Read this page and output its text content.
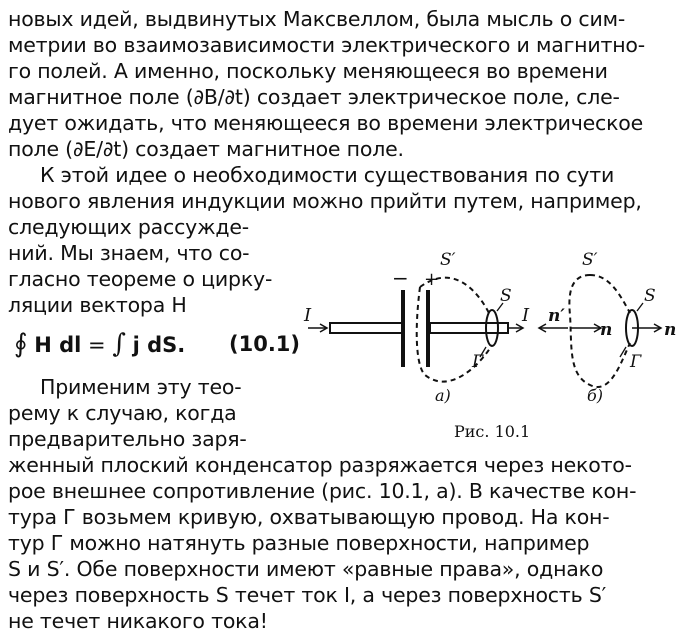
новых идей, выдвинутых Максвеллом, была мысль о сим-
метрии во взаимозависимости электрического и магнитно-
го полей. А именно, поскольку меняющееся во времени
магнитное поле (∂B/∂t) создает электрическое поле, сле-
дует ожидать, что меняющееся во времени электрическое
поле (∂E/∂t) создает магнитное поле.
К этой идее о необходимости существования по сути
нового явления индукции можно прийти путем, например,
следующих рассужде-
ний. Мы знаем, что со-
гласно теореме о цирку-
ляции вектора H
∮ H dl = ∫ j dS. (10.1)
Применим эту тео-
рему к случаю, когда
предварительно заря-
женный плоский конденсатор разряжается через некото-
рое внешнее сопротивление (рис. 10.1, а). В качестве кон-
тура Г возьмем кривую, охватывающую провод. На кон-
тур Г можно натянуть разные поверхности, например
S и S′. Обе поверхности имеют «равные права», однако
через поверхность S течет ток I, а через поверхность S′
не течет никакого тока!
I	I
− +
S′
S
Г
а)
n′
n	n
S′
S
Г
б)
Рис. 10.1
